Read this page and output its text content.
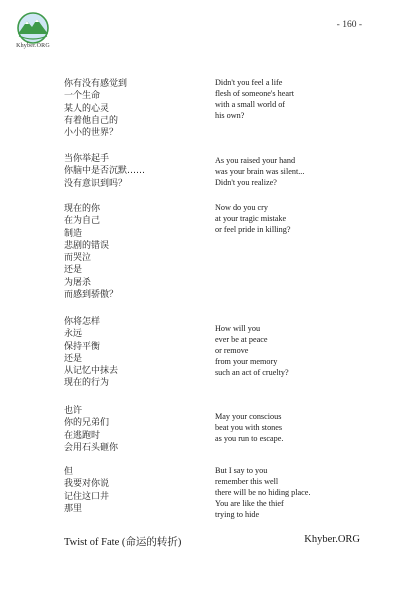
Khyber.ORG
- 160 -
你有没有感觉到
一个生命
某人的心灵
有着他自己的
小小的世界？
当你举起手
你脑中是否沉默……
没有意识到吗？
现在的你
在为自己
制造
悲剧的错误
而哭泣
还是
为屠杀
而感到骄傲？
你将怎样
永远
保持平衡
还是
从记忆中抹去
现在的行为
也许
你的兄弟们
在逃跑时
会用石头砸你
但
我要对你说
记住这口井
那里
Didn't you feel a life
flesh of someone's heart
with a small world of
his own?
As you raised your hand
was your brain was silent...
Didn't you realize?
Now do you cry
at your tragic mistake
or feel pride in killing?
How will you
ever be at peace
or remove
from your memory
such an act of cruelty?
May your conscious
beat you with stones
as you run to escape.
But I say to you
remember this well
there will be no hiding place.
You are like the thief
trying to hide
Twist of Fate (命运的转折)	Khyber.ORG
